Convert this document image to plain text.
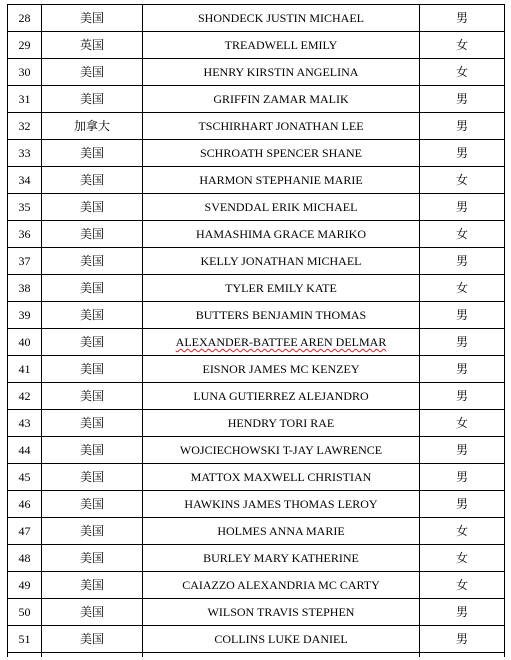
28	美国	SHONDECK JUSTIN MICHAEL	男
29	英国	TREADWELL EMILY	女
30	美国	HENRY KIRSTIN ANGELINA	女
31	美国	GRIFFIN ZAMAR MALIK	男
32	加拿大	TSCHIRHART JONATHAN LEE	男
33	美国	SCHROATH SPENCER SHANE	男
34	美国	HARMON STEPHANIE MARIE	女
35	美国	SVENDDAL ERIK MICHAEL	男
36	美国	HAMASHIMA GRACE MARIKO	女
37	美国	KELLY JONATHAN MICHAEL	男
38	美国	TYLER EMILY KATE	女
39	美国	BUTTERS BENJAMIN THOMAS	男
40	美国	ALEXANDER-BATTEE AREN DELMAR	男
41	美国	EISNOR JAMES MC KENZEY	男
42	美国	LUNA GUTIERREZ ALEJANDRO	男
43	美国	HENDRY TORI RAE	女
44	美国	WOJCIECHOWSKI T-JAY LAWRENCE	男
45	美国	MATTOX MAXWELL CHRISTIAN	男
46	美国	HAWKINS JAMES THOMAS LEROY	男
47	美国	HOLMES ANNA MARIE	女
48	美国	BURLEY MARY KATHERINE	女
49	美国	CAIAZZO ALEXANDRIA MC CARTY	女
50	美国	WILSON TRAVIS STEPHEN	男
51	美国	COLLINS LUKE DANIEL	男
